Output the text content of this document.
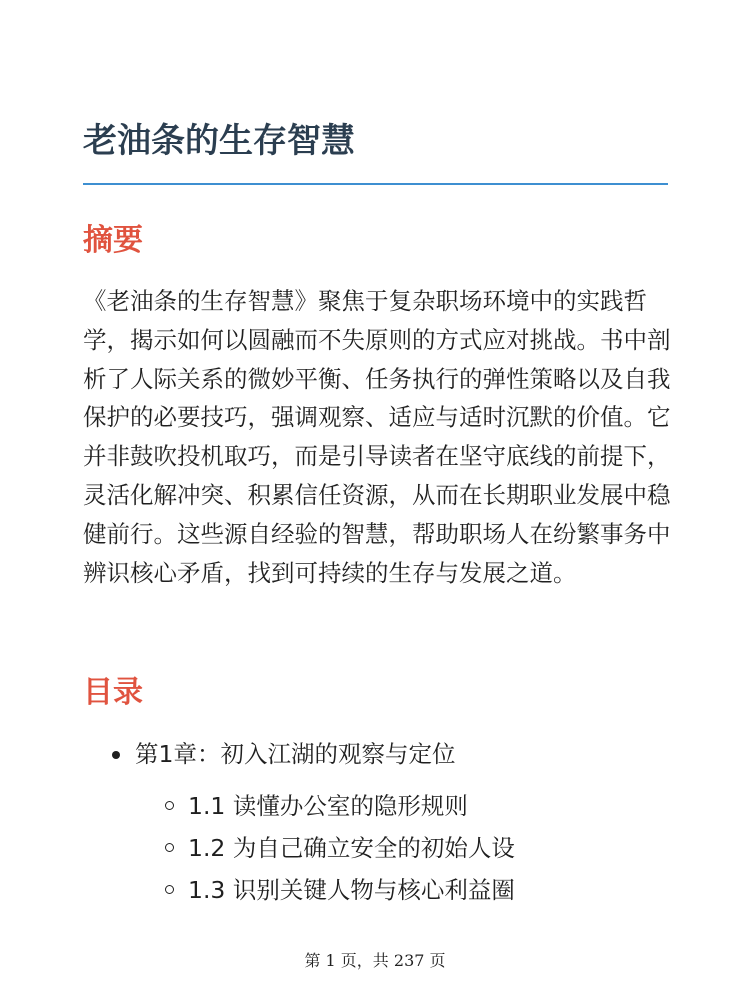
老油条的生存智慧
摘要

《老油条的生存智慧》聚焦于复杂职场环境中的实践哲学，揭示如何以圆融而不失原则的方式应对挑战。书中剖析了人际关系的微妙平衡、任务执行的弹性策略以及自我保护的必要技巧，强调观察、适应与适时沉默的价值。它并非鼓吹投机取巧，而是引导读者在坚守底线的前提下，灵活化解冲突、积累信任资源，从而在长期职业发展中稳健前行。这些源自经验的智慧，帮助职场人在纷繁事务中辨识核心矛盾，找到可持续的生存与发展之道。

目录
第1章：初入江湖的观察与定位
1.1 读懂办公室的隐形规则
1.2 为自己确立安全的初始人设
1.3 识别关键人物与核心利益圈
第 1 页，共 237 页
